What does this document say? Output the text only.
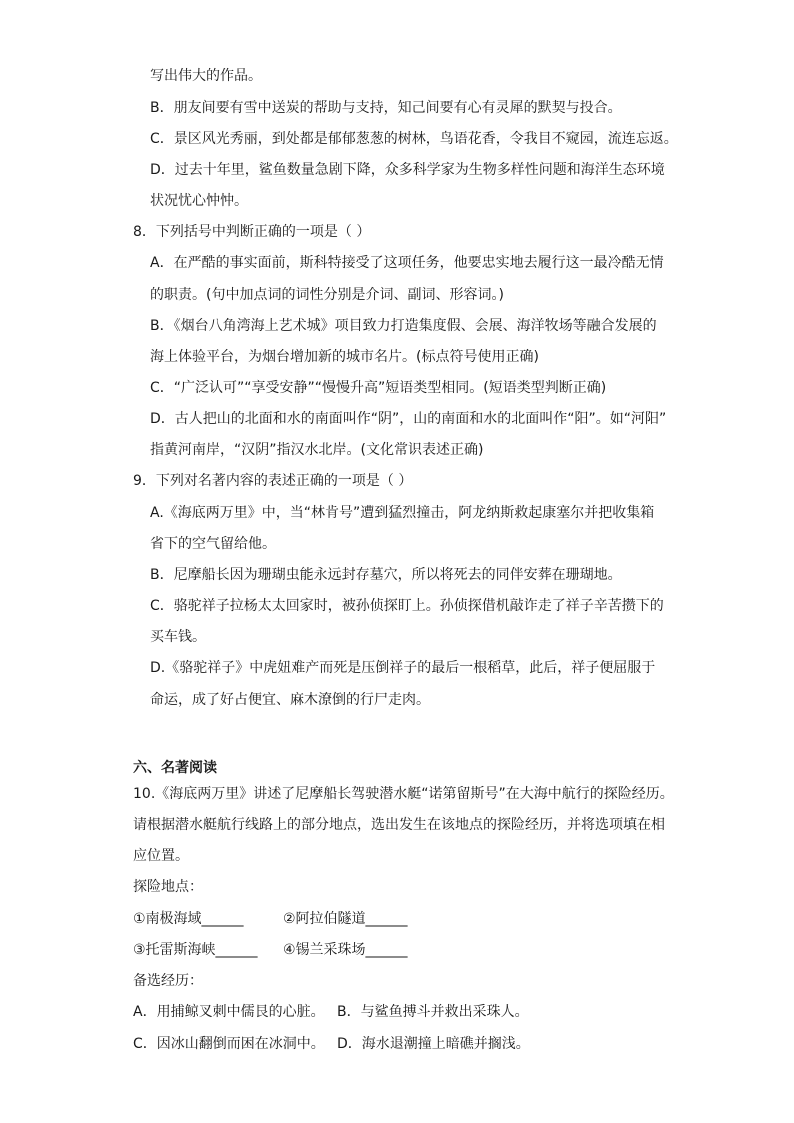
写出伟大的作品。
B．朋友间要有雪中送炭的帮助与支持，知己间要有心有灵犀的默契与投合。
C．景区风光秀丽，到处都是郁郁葱葱的树林，鸟语花香，令我目不窥园，流连忘返。
D．过去十年里，鲨鱼数量急剧下降，众多科学家为生物多样性问题和海洋生态环境
状况忧心忡忡。
8．下列括号中判断正确的一项是（ ）
A．在严酷的事实面前，斯科特接受了这项任务，他要忠实地去履行这一最冷酷无情
的职责。(句中加点词的词性分别是介词、副词、形容词。)
B．《烟台八角湾海上艺术城》项目致力打造集度假、会展、海洋牧场等融合发展的
海上体验平台，为烟台增加新的城市名片。(标点符号使用正确)
C．“广泛认可”“享受安静”“慢慢升高”短语类型相同。(短语类型判断正确)
D．古人把山的北面和水的南面叫作“阴”，山的南面和水的北面叫作“阳”。如“河阳”
指黄河南岸，“汉阴”指汉水北岸。(文化常识表述正确)
9．下列对名著内容的表述正确的一项是（ ）
A.《海底两万里》中，当“林肯号”遭到猛烈撞击，阿龙纳斯救起康塞尔并把收集箱
省下的空气留给他。
B．尼摩船长因为珊瑚虫能永远封存墓穴，所以将死去的同伴安葬在珊瑚地。
C．骆驼祥子拉杨太太回家时，被孙侦探盯上。孙侦探借机敲诈走了祥子辛苦攒下的
买车钱。
D.《骆驼祥子》中虎妞难产而死是压倒祥子的最后一根稻草，此后，祥子便屈服于
命运，成了好占便宜、麻木潦倒的行尸走肉。
六、名著阅读
10.《海底两万里》讲述了尼摩船长驾驶潜水艇“诺第留斯号”在大海中航行的探险经历。
请根据潜水艇航行线路上的部分地点，选出发生在该地点的探险经历，并将选项填在相
应位置。
探险地点：
①南极海域______	②阿拉伯隧道______
③托雷斯海峡______ ④锡兰采珠场______
备选经历：
A．用捕鲸叉刺中儒艮的心脏。 B．与鲨鱼搏斗并救出采珠人。
C．因冰山翻倒而困在冰洞中。 D．海水退潮撞上暗礁并搁浅。
